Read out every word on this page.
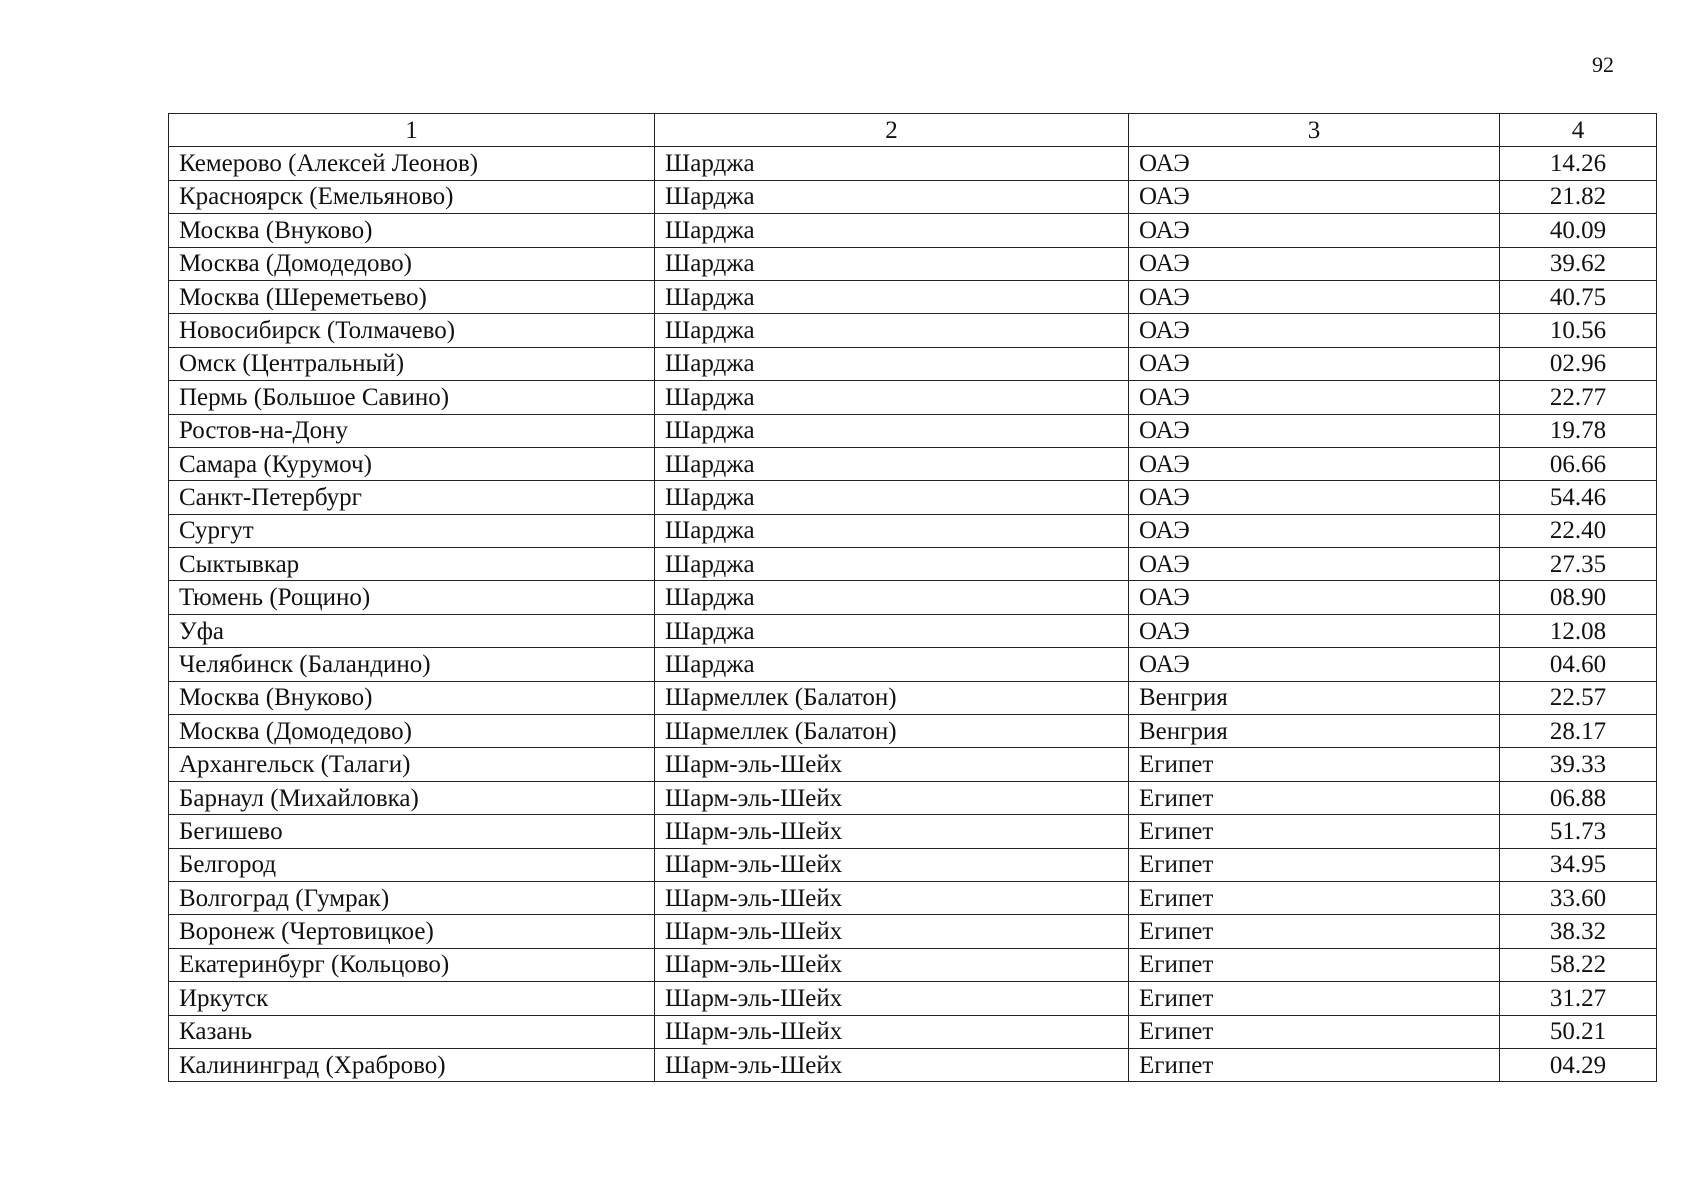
92
1	2	3	4
Кемерово (Алексей Леонов)	Шарджа	ОАЭ	14.26
Красноярск (Емельяново)	Шарджа	ОАЭ	21.82
Москва (Внуково)	Шарджа	ОАЭ	40.09
Москва (Домодедово)	Шарджа	ОАЭ	39.62
Москва (Шереметьево)	Шарджа	ОАЭ	40.75
Новосибирск (Толмачево)	Шарджа	ОАЭ	10.56
Омск (Центральный)	Шарджа	ОАЭ	02.96
Пермь (Большое Савино)	Шарджа	ОАЭ	22.77
Ростов-на-Дону	Шарджа	ОАЭ	19.78
Самара (Курумоч)	Шарджа	ОАЭ	06.66
Санкт-Петербург	Шарджа	ОАЭ	54.46
Сургут	Шарджа	ОАЭ	22.40
Сыктывкар	Шарджа	ОАЭ	27.35
Тюмень (Рощино)	Шарджа	ОАЭ	08.90
Уфа	Шарджа	ОАЭ	12.08
Челябинск (Баландино)	Шарджа	ОАЭ	04.60
Москва (Внуково)	Шармеллек (Балатон)	Венгрия	22.57
Москва (Домодедово)	Шармеллек (Балатон)	Венгрия	28.17
Архангельск (Талаги)	Шарм-эль-Шейх	Египет	39.33
Барнаул (Михайловка)	Шарм-эль-Шейх	Египет	06.88
Бегишево	Шарм-эль-Шейх	Египет	51.73
Белгород	Шарм-эль-Шейх	Египет	34.95
Волгоград (Гумрак)	Шарм-эль-Шейх	Египет	33.60
Воронеж (Чертовицкое)	Шарм-эль-Шейх	Египет	38.32
Екатеринбург (Кольцово)	Шарм-эль-Шейх	Египет	58.22
Иркутск	Шарм-эль-Шейх	Египет	31.27
Казань	Шарм-эль-Шейх	Египет	50.21
Калининград (Храброво)	Шарм-эль-Шейх	Египет	04.29
